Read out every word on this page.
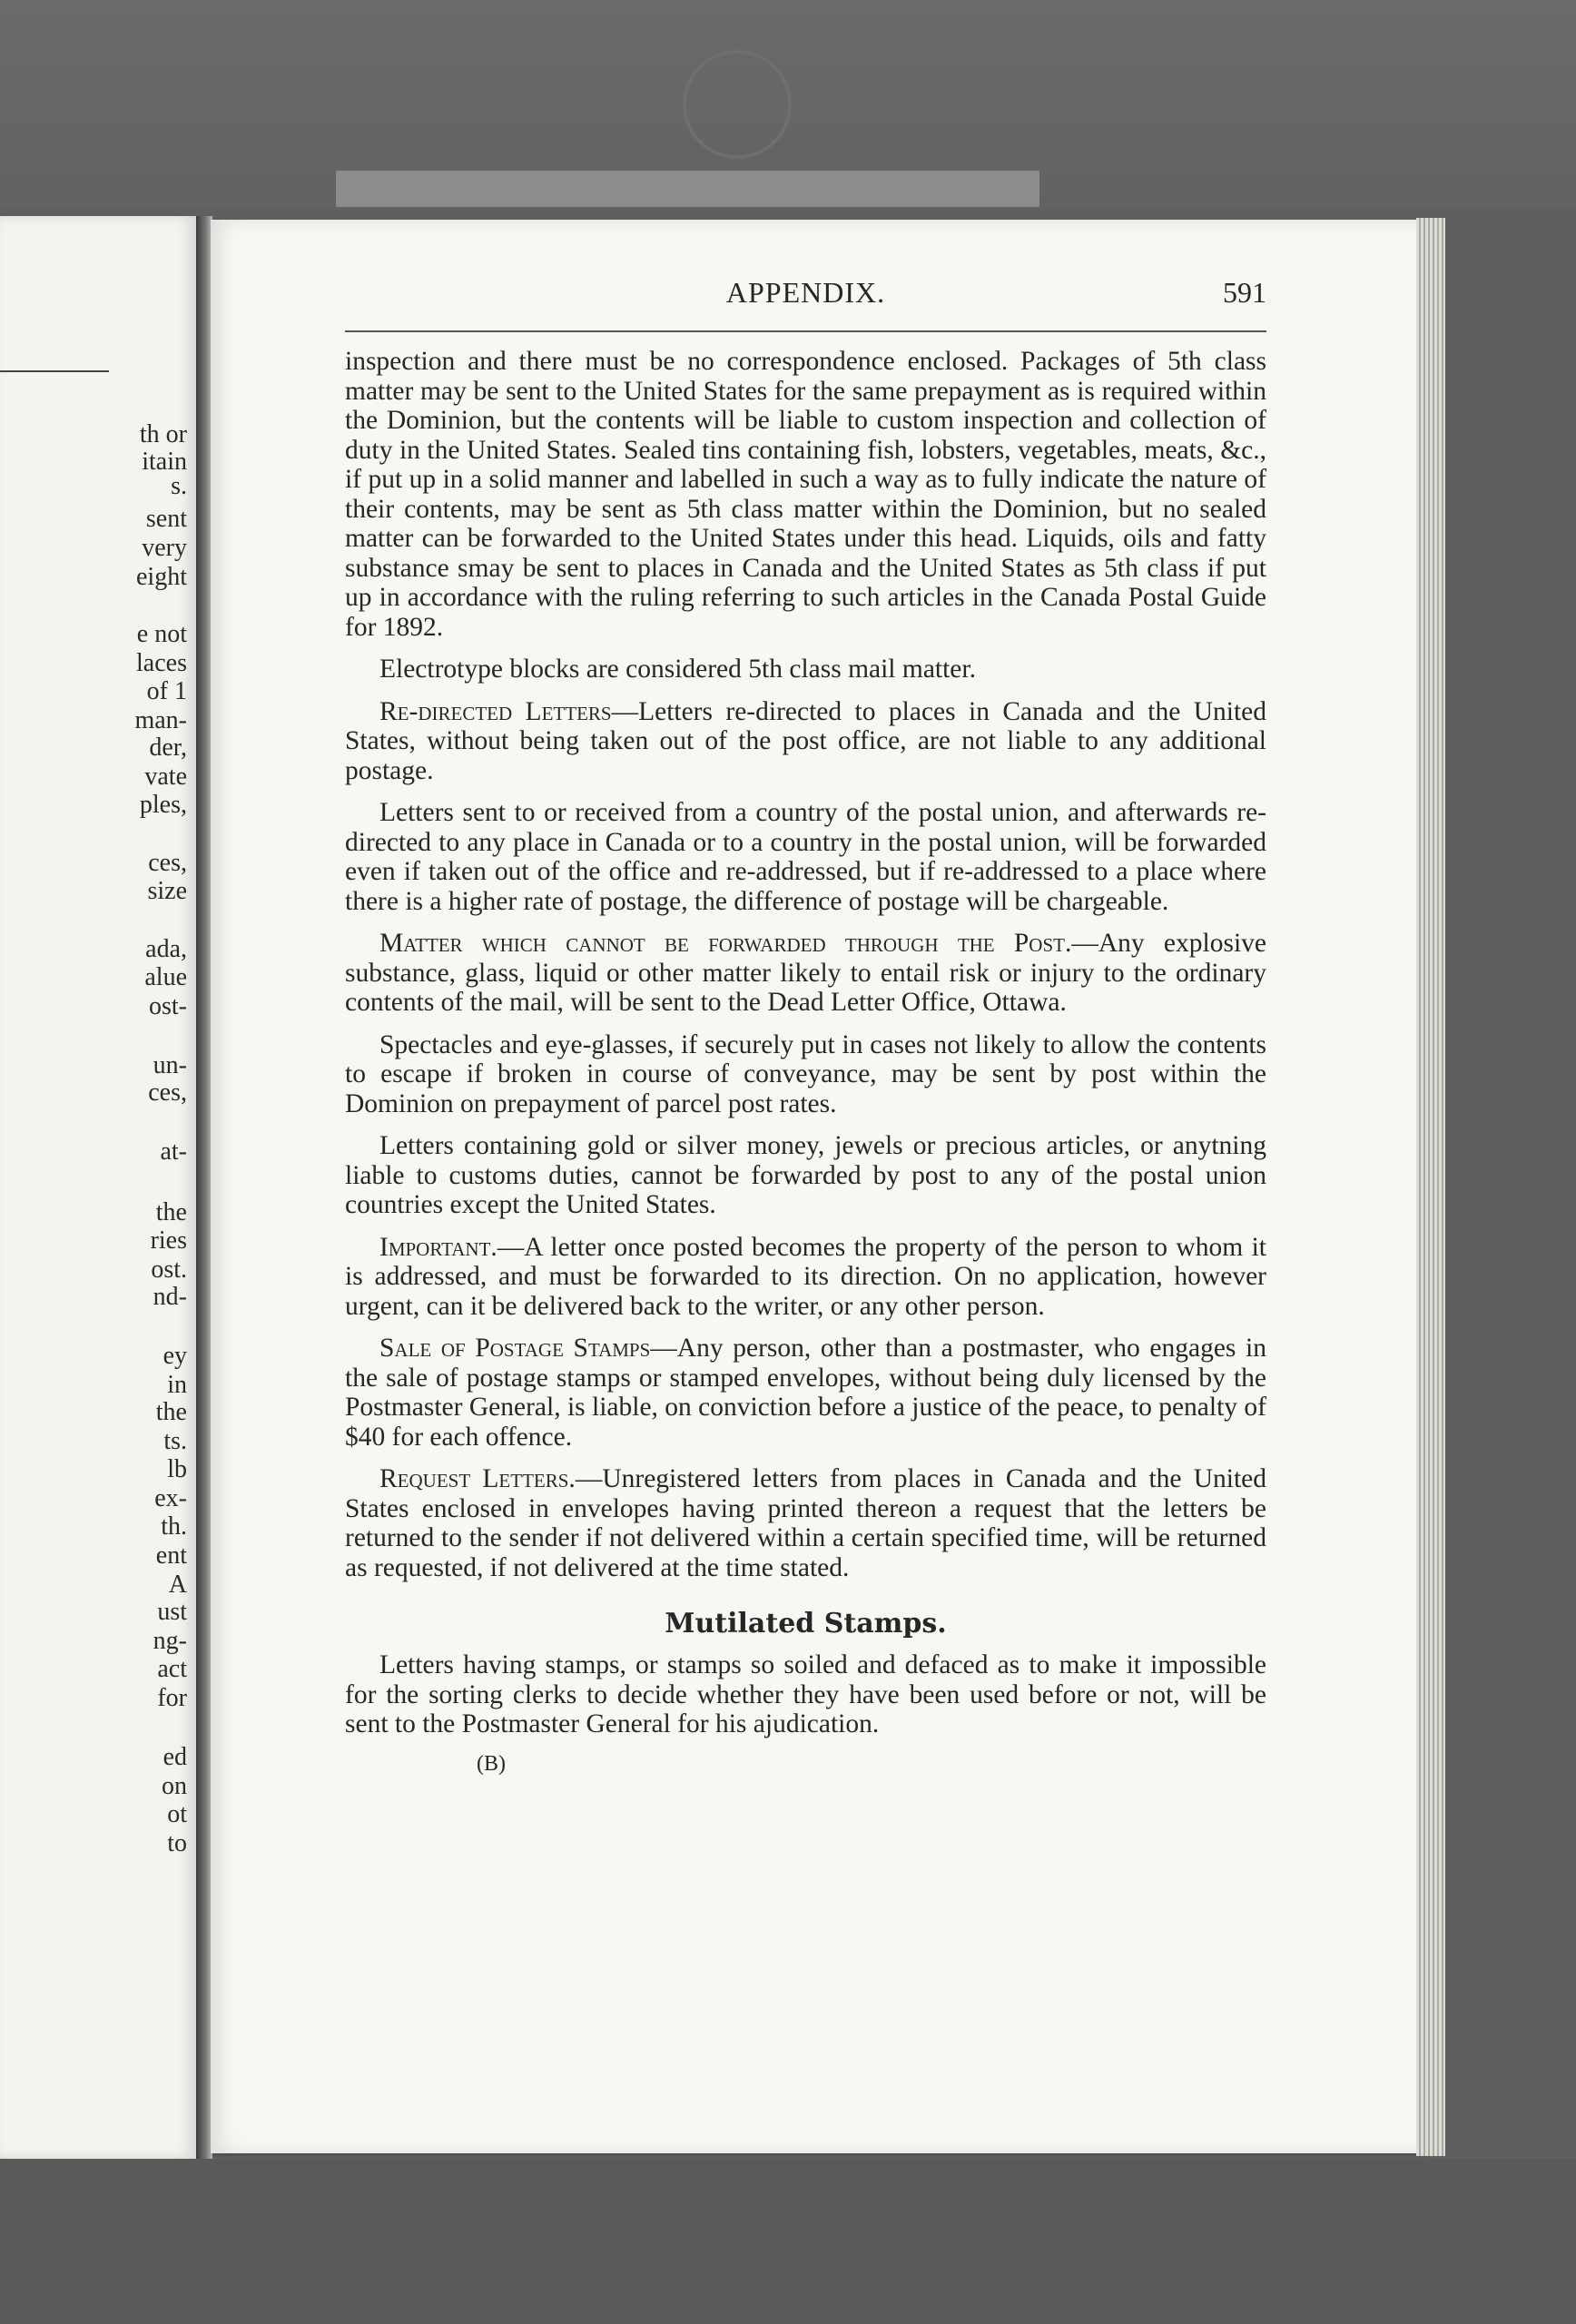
th or

itain

s.

sent

very

eight

e not

laces

of 1

man-

der,

vate

ples,

ces,

size

ada,

alue

ost-

un-

ces,

at-

the

ries

ost.

nd-

ey

in

the

ts.

lb

ex-

th.

ent

A

ust

ng-

act

for

ed

on

ot

to

APPENDIX.	591

inspection and there must be no correspondence enclosed. Packages of 5th class matter may be sent to the United States for the same prepayment as is required within the Dominion, but the contents will be liable to custom inspection and collection of duty in the United States. Sealed tins containing fish, lobsters, vegetables, meats, &c., if put up in a solid manner and labelled in such a way as to fully indicate the nature of their contents, may be sent as 5th class matter within the Dominion, but no sealed matter can be forwarded to the United States under this head. Liquids, oils and fatty substance smay be sent to places in Canada and the United States as 5th class if put up in accordance with the ruling referring to such articles in the Canada Postal Guide for 1892.

Electrotype blocks are considered 5th class mail matter.

Re-directed Letters—Letters re-directed to places in Canada and the United States, without being taken out of the post office, are not liable to any additional postage.

Letters sent to or received from a country of the postal union, and afterwards re-directed to any place in Canada or to a country in the postal union, will be forwarded even if taken out of the office and re-addressed, but if re-addressed to a place where there is a higher rate of postage, the difference of postage will be chargeable.

Matter which cannot be forwarded through the Post.—Any explosive substance, glass, liquid or other matter likely to entail risk or injury to the ordinary contents of the mail, will be sent to the Dead Letter Office, Ottawa.

Spectacles and eye-glasses, if securely put in cases not likely to allow the contents to escape if broken in course of conveyance, may be sent by post within the Dominion on prepayment of parcel post rates.

Letters containing gold or silver money, jewels or precious articles, or anytning liable to customs duties, cannot be forwarded by post to any of the postal union countries except the United States.

Important.—A letter once posted becomes the property of the person to whom it is addressed, and must be forwarded to its direction. On no application, however urgent, can it be delivered back to the writer, or any other person.

Sale of Postage Stamps—Any person, other than a postmaster, who engages in the sale of postage stamps or stamped envelopes, without being duly licensed by the Postmaster General, is liable, on conviction before a justice of the peace, to penalty of $40 for each offence.

Request Letters.—Unregistered letters from places in Canada and the United States enclosed in envelopes having printed thereon a request that the letters be returned to the sender if not delivered within a certain specified time, will be returned as requested, if not delivered at the time stated.

Mutilated Stamps.

Letters having stamps, or stamps so soiled and defaced as to make it impossible for the sorting clerks to decide whether they have been used before or not, will be sent to the Postmaster General for his ajudication.

(B)
